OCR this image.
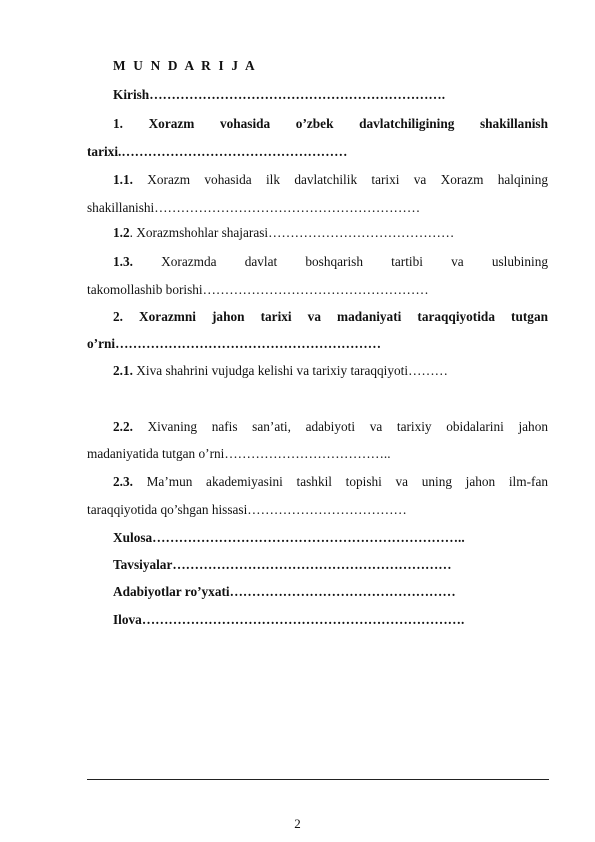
M U N D A R I J A
Kirish………………………………………………………….
1. Xorazm vohasida o’zbek davlatchiligining shakillanish
tarixi.……………………………………………
1.1. Xorazm vohasida ilk davlatchilik tarixi va Xorazm halqining
shakillanishi……………………………………………………
1.2. Xorazmshohlar shajarasi……………………………………
1.3. Xorazmda davlat boshqarish tartibi va uslubining
takomollashib borishi……………………………………………
2. Xorazmni jahon tarixi va madaniyati taraqqiyotida tutgan
o’rni……………………………………………………
2.1. Xiva shahrini vujudga kelishi va tarixiy taraqqiyoti………
2.2. Xivaning nafis san’ati, adabiyoti va tarixiy obidalarini jahon
madaniyatida tutgan o’rni………………………………..
2.3. Ma’mun akademiyasini tashkil topishi va uning jahon ilm-fan
taraqqiyotida qo’shgan hissasi………………………………
Xulosa……………………………………………………………..
Tavsiyalar………………………………………………………
Adabiyotlar ro’yxati……………………………………………
Ilova……………………………………………………………….
2
